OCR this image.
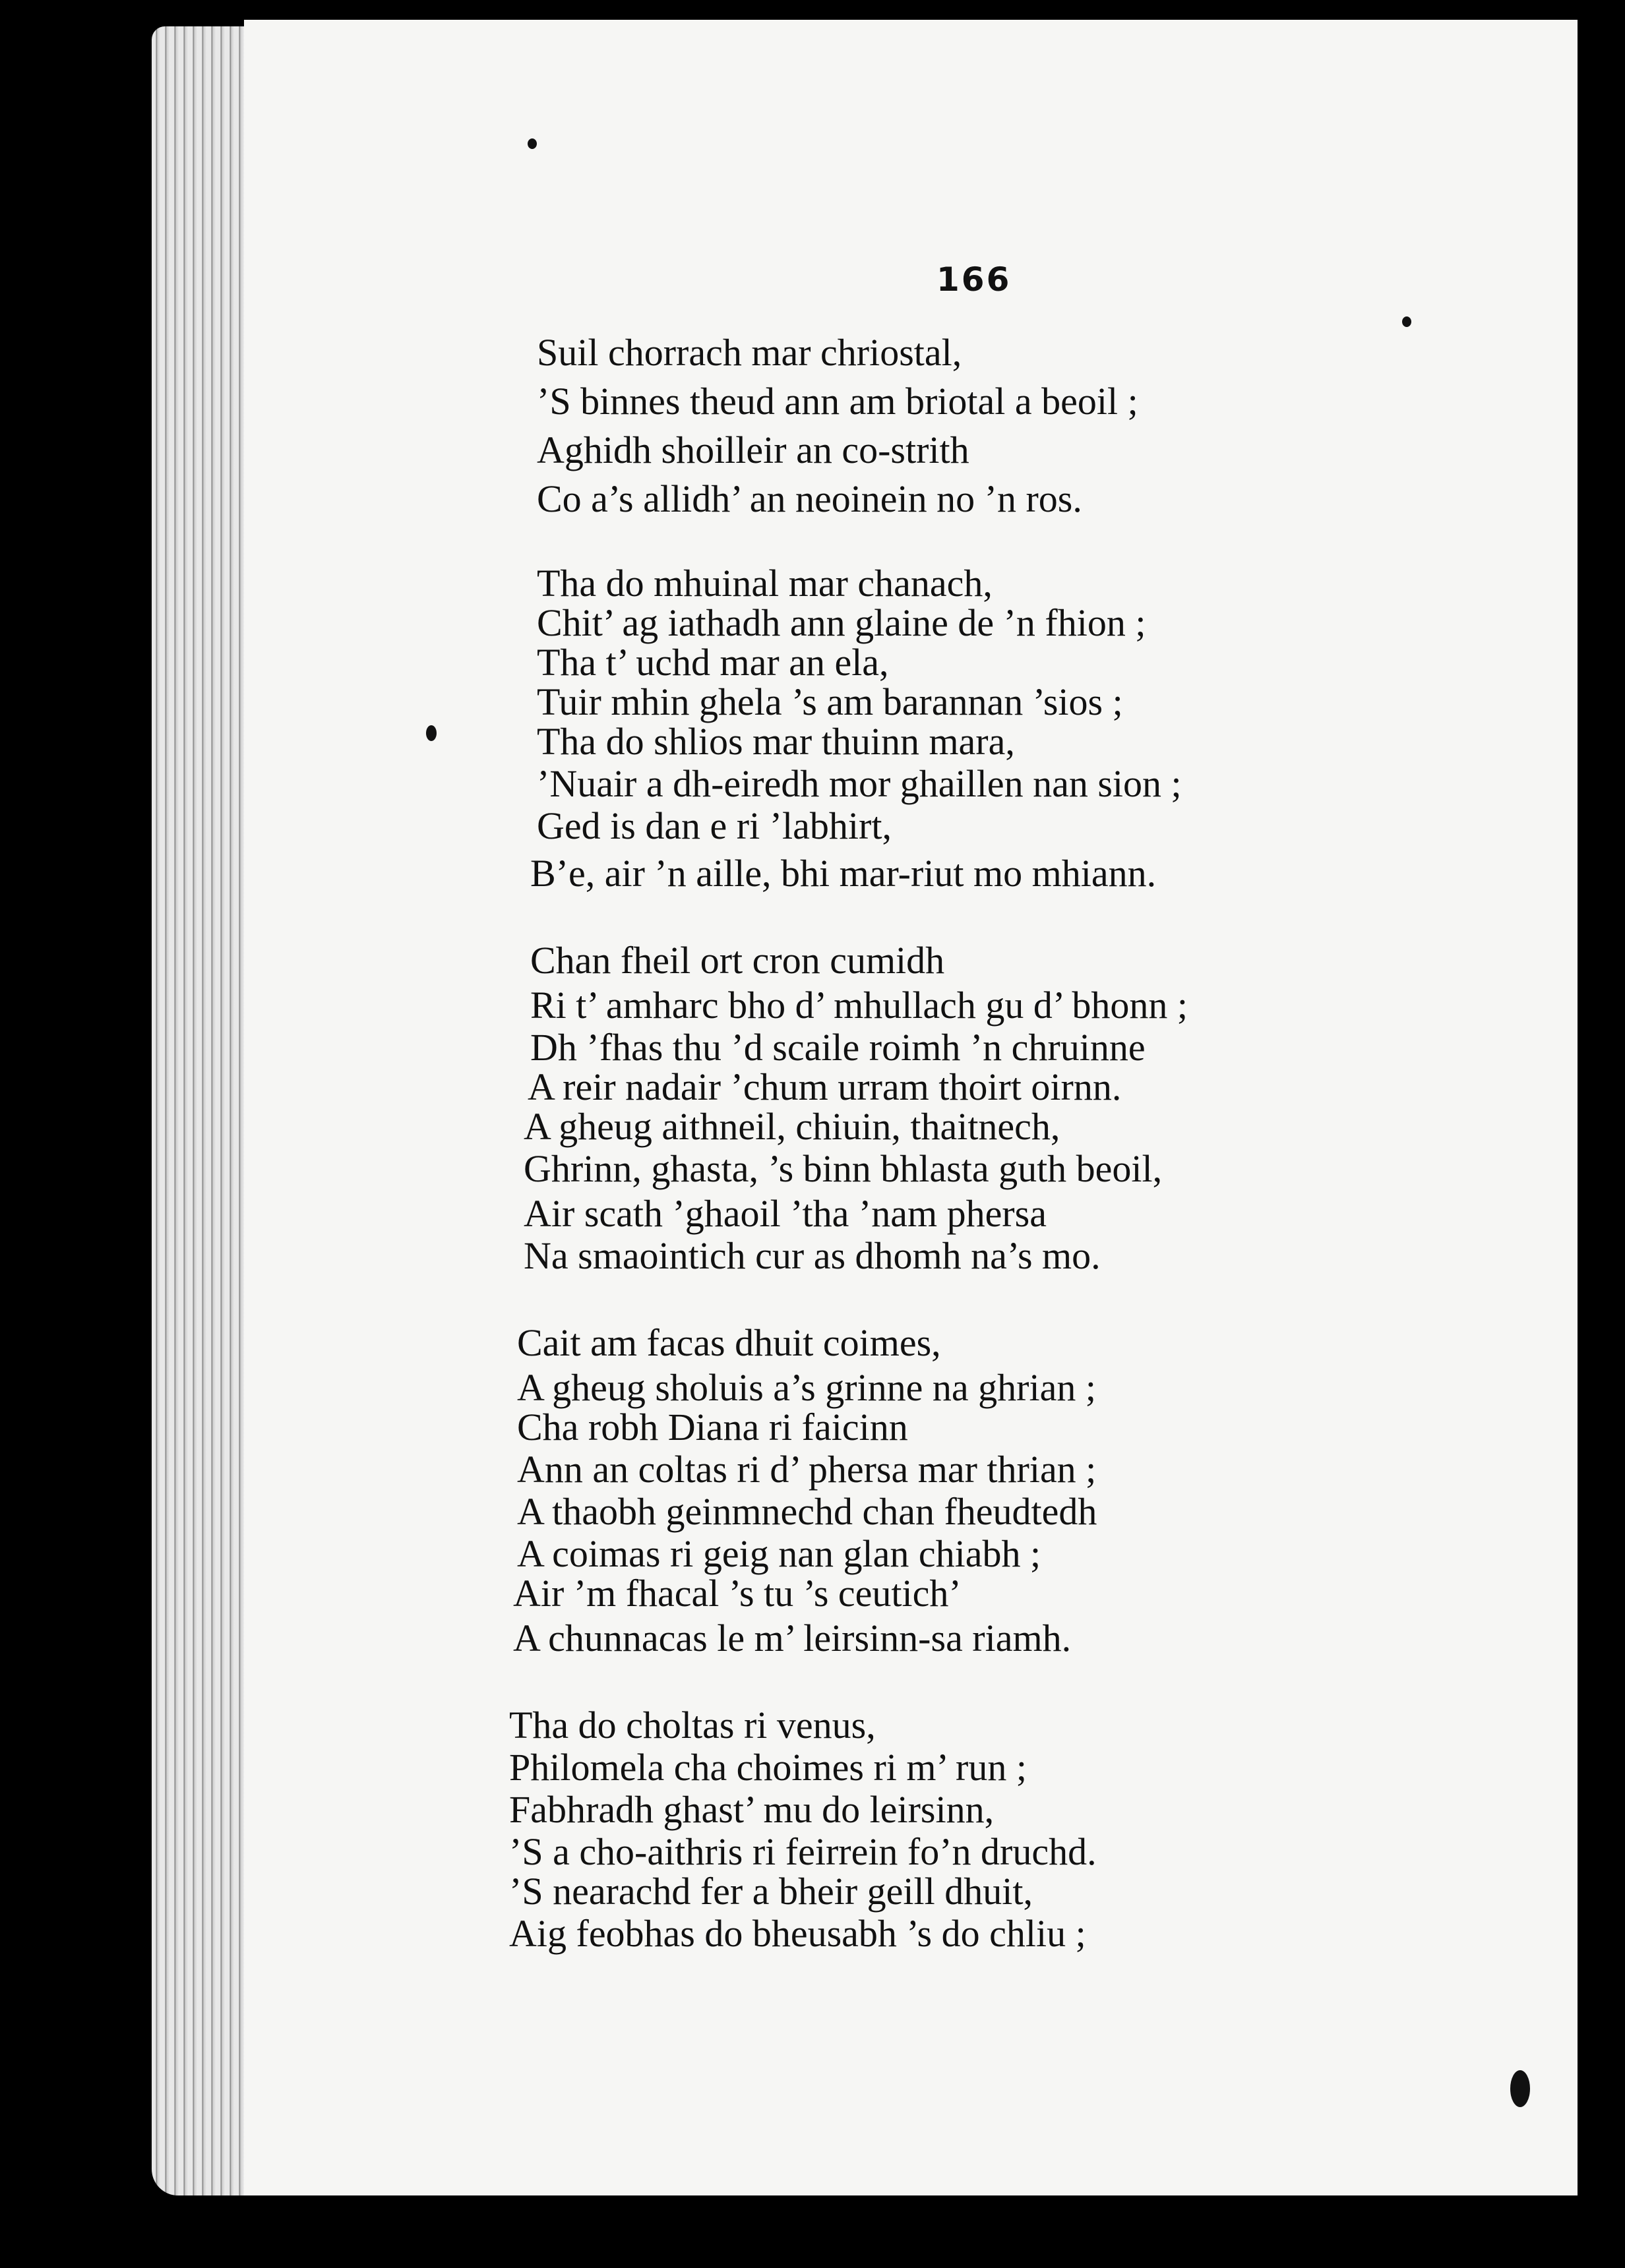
166
Suil chorrach mar chriostal,
’S binnes theud ann am briotal a beoil ;
Aghidh shoilleir an co-strith
Co a’s allidh’ an neoinein no ’n ros.
Tha do mhuinal mar chanach,
Chit’ ag iathadh ann glaine de ’n fhion ;
Tha t’ uchd mar an ela,
Tuir mhin ghela ’s am barannan ’sios ;
Tha do shlios mar thuinn mara,
’Nuair a dh-eiredh mor ghaillen nan sion ;
Ged is dan e ri ’labhirt,
B’e, air ’n aille, bhi mar-riut mo mhiann.
Chan fheil ort cron cumidh
Ri t’ amharc bho d’ mhullach gu d’ bhonn ;
Dh ’fhas thu ’d scaile roimh ’n chruinne
A reir nadair ’chum urram thoirt oirnn.
A gheug aithneil, chiuin, thaitnech,
Ghrinn, ghasta, ’s binn bhlasta guth beoil,
Air scath ’ghaoil ’tha ’nam phersa
Na smaointich cur as dhomh na’s mo.
Cait am facas dhuit coimes,
A gheug sholuis a’s grinne na ghrian ;
Cha robh Diana ri faicinn
Ann an coltas ri d’ phersa mar thrian ;
A thaobh geinmnechd chan fheudtedh
A coimas ri geig nan glan chiabh ;
Air ’m fhacal ’s tu ’s ceutich’
A chunnacas le m’ leirsinn-sa riamh.
Tha do choltas ri venus,
Philomela cha choimes ri m’ run ;
Fabhradh ghast’ mu do leirsinn,
’S a cho-aithris ri feirrein fo’n druchd.
’S nearachd fer a bheir geill dhuit,
Aig feobhas do bheusabh ’s do chliu ;
